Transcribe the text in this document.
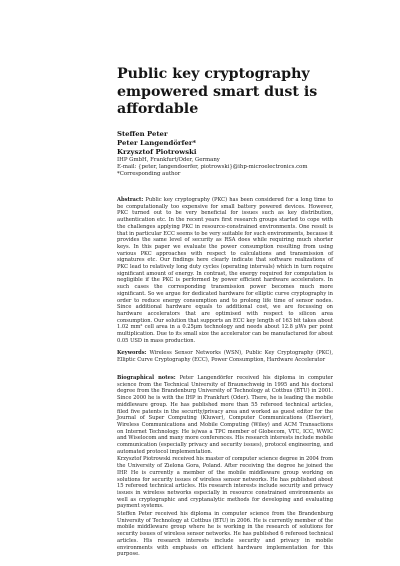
Public key cryptography
empowered smart dust is
affordable
Steffen Peter
Peter Langendörfer*
Krzysztof Piotrowski
IHP GmbH, Frankfurt/Oder, Germany
E-mail: {peter, langendoerfer, piotrowski}@ihp-microelectronics.com
*Corresponding author

Abstract: Public key cryptography (PKC) has been considered for a long time to be computationally too expensive for small battery powered devices. However, PKC turned out to be very beneficial for issues such as key distribution, authentication etc. In the recent years first research groups started to cope with the challenges applying PKC in resource-constrained environments. One result is that in particular ECC seems to be very suitable for such environments, because it provides the same level of security as RSA does while requiring much shorter keys. In this paper we evaluate the power consumption resulting from using various PKC approaches with respect to calculations and transmission of signatures etc. Our findings here clearly indicate that software realizations of PKC lead to relatively long duty cycles (operating intervals) which in turn require significant amount of energy. In contrast, the energy required for computation is negligible if the PKC is performed by power efficient hardware accelerators. In such cases the corresponding transmission power becomes much more significant. So we argue for dedicated hardware for elliptic curve cryptography in order to reduce energy consumption and to prolong life time of sensor nodes. Since additional hardware equals to additional cost, we are focussing on hardware accelerators that are optimised with respect to silicon area consumption. Our solution that supports an ECC key length of 163 bit takes about 1.02 mm² cell area in a 0.25μm technology and needs about 12.8 μWs per point multiplication. Due to its small size the accelerator can be manufactured for about 0.05 USD in mass production.

Keywords: Wireless Sensor Networks (WSN), Public Key Cryptography (PKC), Elliptic Curve Cryptography (ECC), Power Consumption, Hardware Accelerator

Biographical notes: Peter Langendörfer received his diploma in computer science from the Technical University of Braunschweig in 1995 and his doctoral degree from the Brandenburg University of Technology at Cottbus (BTU) in 2001. Since 2000 he is with the IHP in Frankfurt (Oder). There, he is leading the mobile middleware group. He has published more than 55 refereed technical articles, filed five patents in the security/privacy area and worked as guest editor for the Journal of Super Computing (Kluwer), Computer Communications (Elsevier), Wireless Communications and Mobile Computing (Wiley) and ACM Transactions on Internet Technology. He is/was a TPC member of Globecom, VTC, ICC, WWIC and Wiselocom and many more conferences. His research interests include mobile communication (especially privacy and security issues), protocol engineering, and automated protocol implementation.

Krzysztof Piotrowski received his master of computer science degree in 2004 from the University of Zielona Gora, Poland. After receiving the degree he joined the IHP. He is currently a member of the mobile middleware group working on solutions for security issues of wireless sensor networks. He has published about 15 refereed technical articles. His research interests include security and privacy issues in wireless networks especially in resource constrained environments as well as cryptographic and cryptanalytic methods for developing and evaluating payment systems.

Steffen Peter received his diploma in computer science from the Brandenburg University of Technology at Cottbus (BTU) in 2006. He is currently member of the mobile middleware group where he is working in the research of solutions for security issues of wireless sensor networks. He has published 6 refereed technical articles. His research interests include security and privacy in mobile environments with emphasis on efficient hardware implementation for this purpose.
